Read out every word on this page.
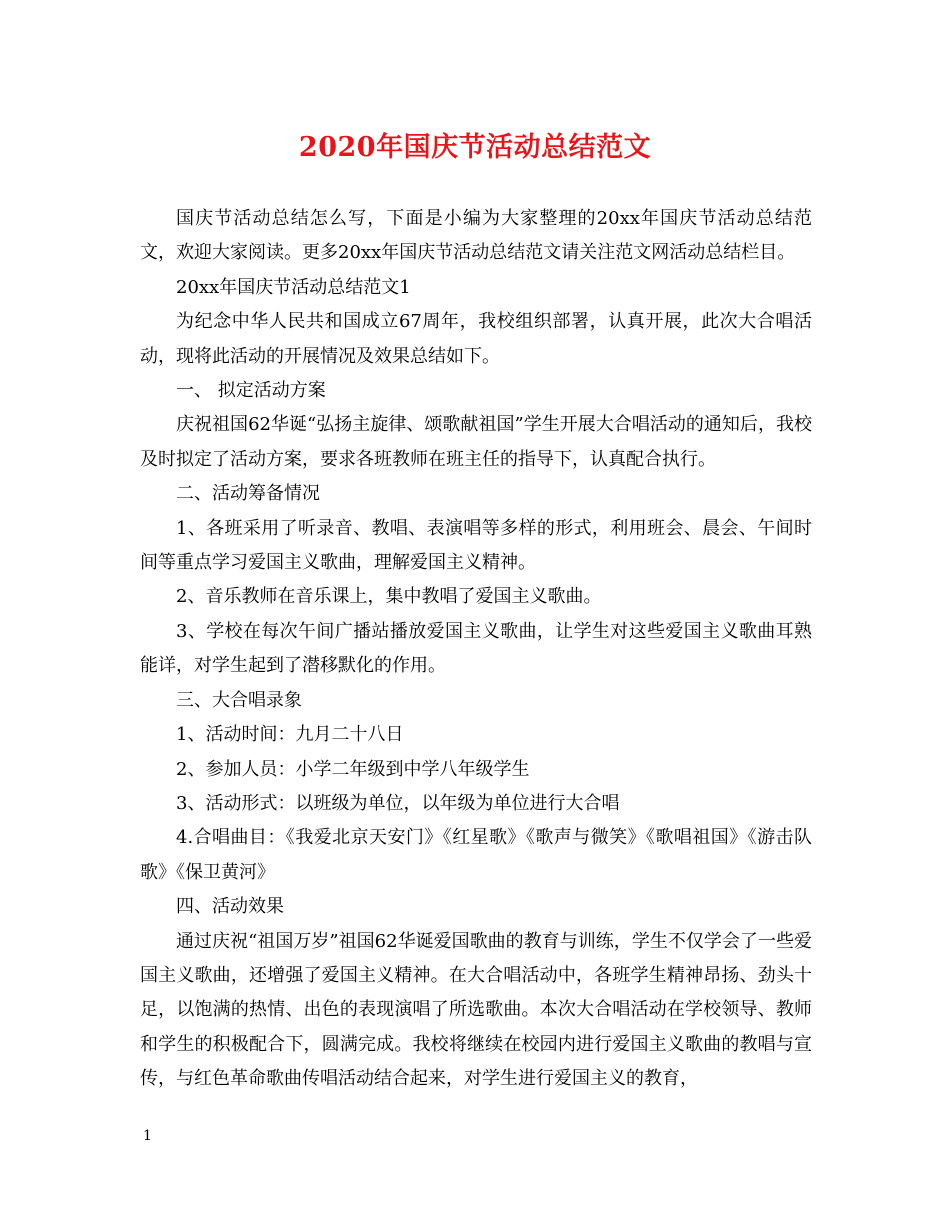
2020年国庆节活动总结范文

国庆节活动总结怎么写，下面是小编为大家整理的20xx年国庆节活动总结范文，欢迎大家阅读。更多20xx年国庆节活动总结范文请关注范文网活动总结栏目。

20xx年国庆节活动总结范文1

为纪念中华人民共和国成立67周年，我校组织部署，认真开展，此次大合唱活动，现将此活动的开展情况及效果总结如下。

一、 拟定活动方案

庆祝祖国62华诞“弘扬主旋律、颂歌献祖国”学生开展大合唱活动的通知后，我校及时拟定了活动方案，要求各班教师在班主任的指导下，认真配合执行。

二、活动筹备情况

1、各班采用了听录音、教唱、表演唱等多样的形式，利用班会、晨会、午间时间等重点学习爱国主义歌曲，理解爱国主义精神。

2、音乐教师在音乐课上，集中教唱了爱国主义歌曲。

3、学校在每次午间广播站播放爱国主义歌曲，让学生对这些爱国主义歌曲耳熟能详，对学生起到了潜移默化的作用。

三、大合唱录象

1、活动时间：九月二十八日

2、参加人员：小学二年级到中学八年级学生

3、活动形式：以班级为单位，以年级为单位进行大合唱

4.合唱曲目：《我爱北京天安门》《红星歌》《歌声与微笑》《歌唱祖国》《游击队歌》《保卫黄河》

四、活动效果

通过庆祝“祖国万岁”祖国62华诞爱国歌曲的教育与训练，学生不仅学会了一些爱国主义歌曲，还增强了爱国主义精神。在大合唱活动中，各班学生精神昂扬、劲头十足，以饱满的热情、出色的表现演唱了所选歌曲。本次大合唱活动在学校领导、教师和学生的积极配合下，圆满完成。我校将继续在校园内进行爱国主义歌曲的教唱与宣传，与红色革命歌曲传唱活动结合起来，对学生进行爱国主义的教育，

1
